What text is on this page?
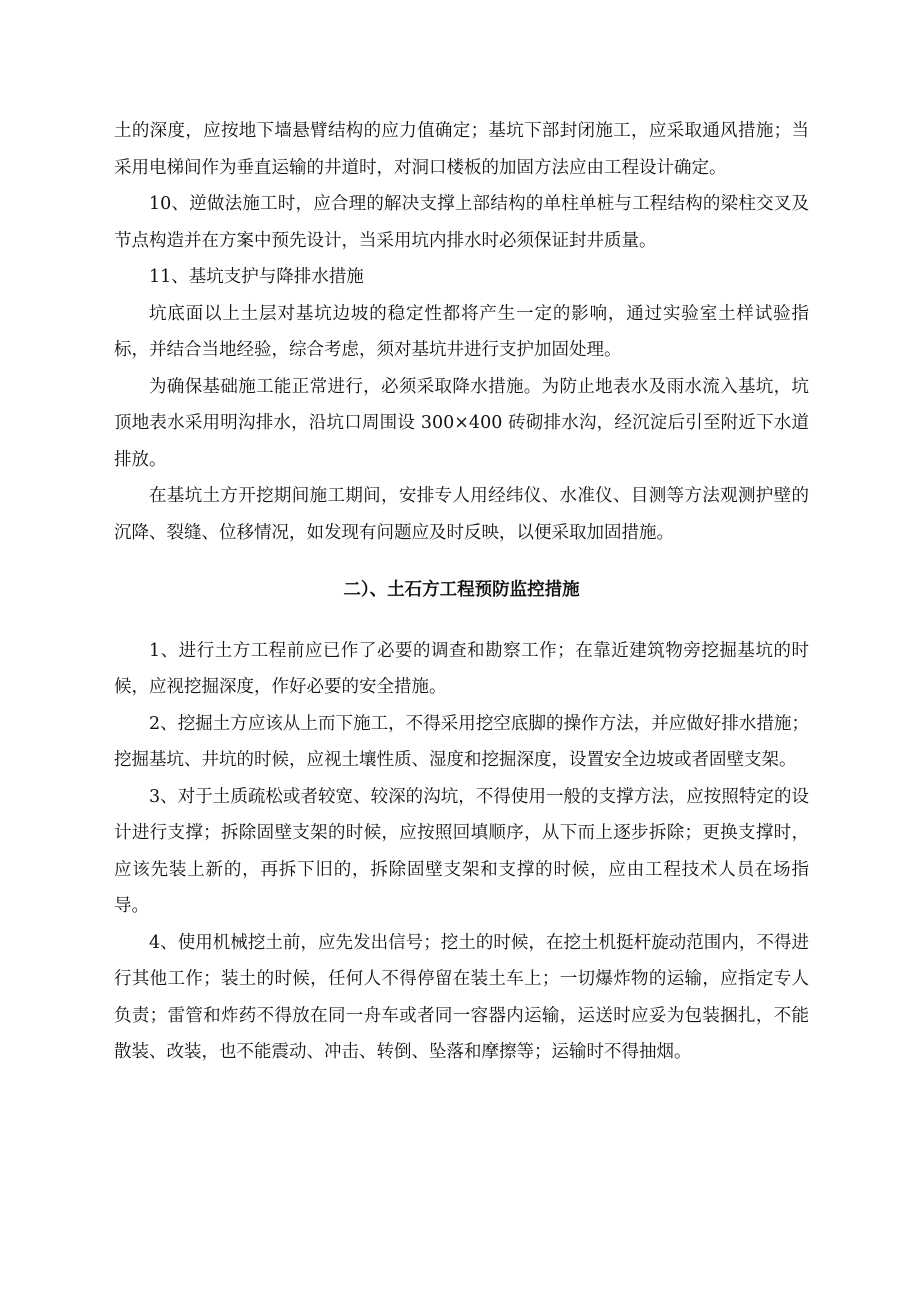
土的深度，应按地下墙悬臂结构的应力值确定；基坑下部封闭施工，应采取通风措施；当采用电梯间作为垂直运输的井道时，对洞口楼板的加固方法应由工程设计确定。

10、逆做法施工时，应合理的解决支撑上部结构的单柱单桩与工程结构的梁柱交叉及节点构造并在方案中预先设计，当采用坑内排水时必须保证封井质量。

11、基坑支护与降排水措施

坑底面以上土层对基坑边坡的稳定性都将产生一定的影响，通过实验室土样试验指标，并结合当地经验，综合考虑，须对基坑井进行支护加固处理。

为确保基础施工能正常进行，必须采取降水措施。为防止地表水及雨水流入基坑，坑顶地表水采用明沟排水，沿坑口周围设 300×400 砖砌排水沟，经沉淀后引至附近下水道排放。

在基坑土方开挖期间施工期间，安排专人用经纬仪、水准仪、目测等方法观测护壁的沉降、裂缝、位移情况，如发现有问题应及时反映，以便采取加固措施。

二）、土石方工程预防监控措施

1、进行土方工程前应已作了必要的调查和勘察工作；在靠近建筑物旁挖掘基坑的时候，应视挖掘深度，作好必要的安全措施。

2、挖掘土方应该从上而下施工，不得采用挖空底脚的操作方法，并应做好排水措施；挖掘基坑、井坑的时候，应视土壤性质、湿度和挖掘深度，设置安全边坡或者固壁支架。

3、对于土质疏松或者较宽、较深的沟坑，不得使用一般的支撑方法，应按照特定的设计进行支撑；拆除固壁支架的时候，应按照回填顺序，从下而上逐步拆除；更换支撑时，应该先装上新的，再拆下旧的，拆除固壁支架和支撑的时候，应由工程技术人员在场指导。

4、使用机械挖土前，应先发出信号；挖土的时候，在挖土机挺杆旋动范围内，不得进行其他工作；装土的时候，任何人不得停留在装土车上；一切爆炸物的运输，应指定专人负责；雷管和炸药不得放在同一舟车或者同一容器内运输，运送时应妥为包装捆扎，不能散装、改装，也不能震动、冲击、转倒、坠落和摩擦等；运输时不得抽烟。
